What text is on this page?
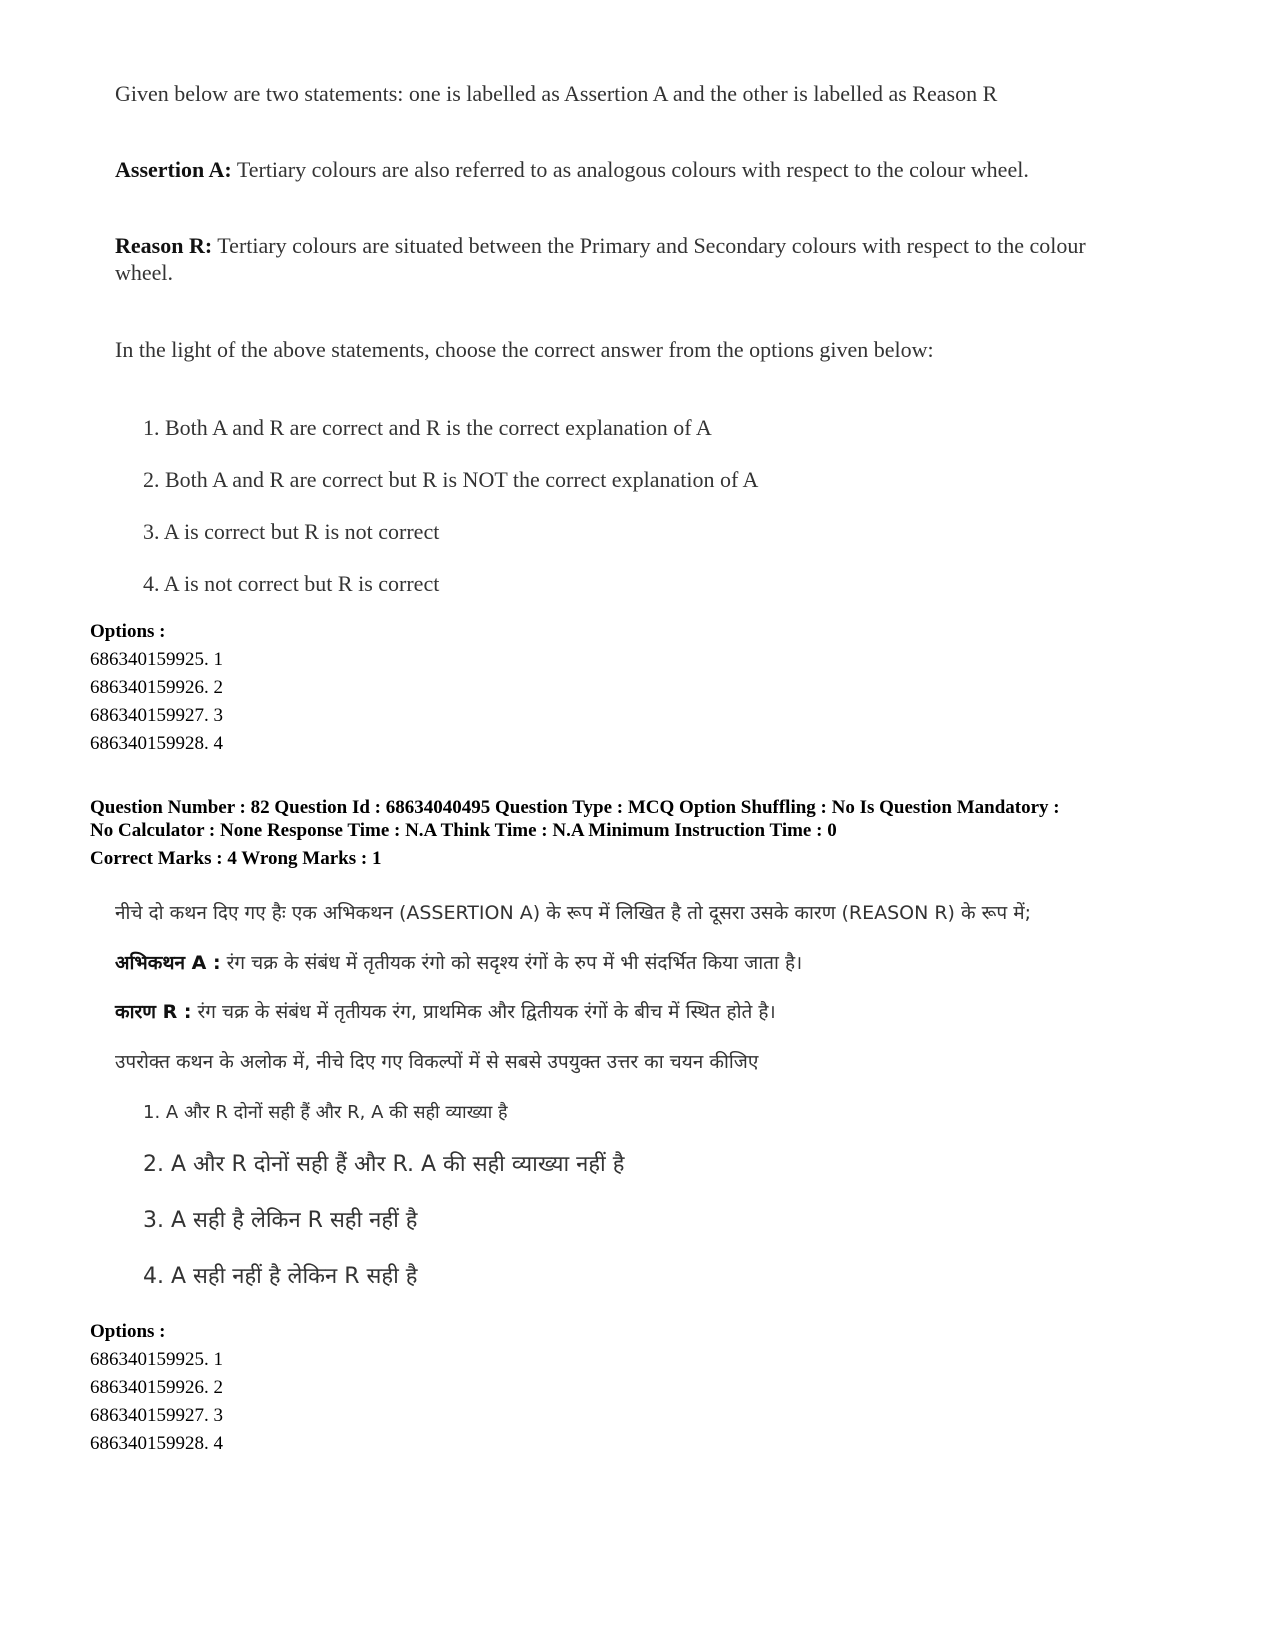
Given below are two statements: one is labelled as Assertion A and the other is labelled as Reason R
Assertion A: Tertiary colours are also referred to as analogous colours with respect to the colour wheel.
Reason R: Tertiary colours are situated between the Primary and Secondary colours with respect to the colour
wheel.
In the light of the above statements, choose the correct answer from the options given below:
1. Both A and R are correct and R is the correct explanation of A
2. Both A and R are correct but R is NOT the correct explanation of A
3. A is correct but R is not correct
4. A is not correct but R is correct
Options :
686340159925. 1
686340159926. 2
686340159927. 3
686340159928. 4
Question Number : 82 Question Id : 68634040495 Question Type : MCQ Option Shuffling : No Is Question Mandatory :
No Calculator : None Response Time : N.A Think Time : N.A Minimum Instruction Time : 0
Correct Marks : 4 Wrong Marks : 1
नीचे दो कथन दिए गए हैः एक अभिकथन (ASSERTION A) के रूप में लिखित है तो दूसरा उसके कारण (REASON R) के रूप में;
अभिकथन A : रंग चक्र के संबंध में तृतीयक रंगो को सदृश्य रंगों के रुप में भी संदर्भित किया जाता है।
कारण R : रंग चक्र के संबंध में तृतीयक रंग, प्राथमिक और द्वितीयक रंगों के बीच में स्थित होते है।
उपरोक्त कथन के अलोक में, नीचे दिए गए विकल्पों में से सबसे उपयुक्त उत्तर का चयन कीजिए
1. A और R दोनों सही हैं और R, A की सही व्याख्या है
2. A और R दोनों सही हैं और R. A की सही व्याख्या नहीं है
3. A सही है लेकिन R सही नहीं है
4. A सही नहीं है लेकिन R सही है
Options :
686340159925. 1
686340159926. 2
686340159927. 3
686340159928. 4
